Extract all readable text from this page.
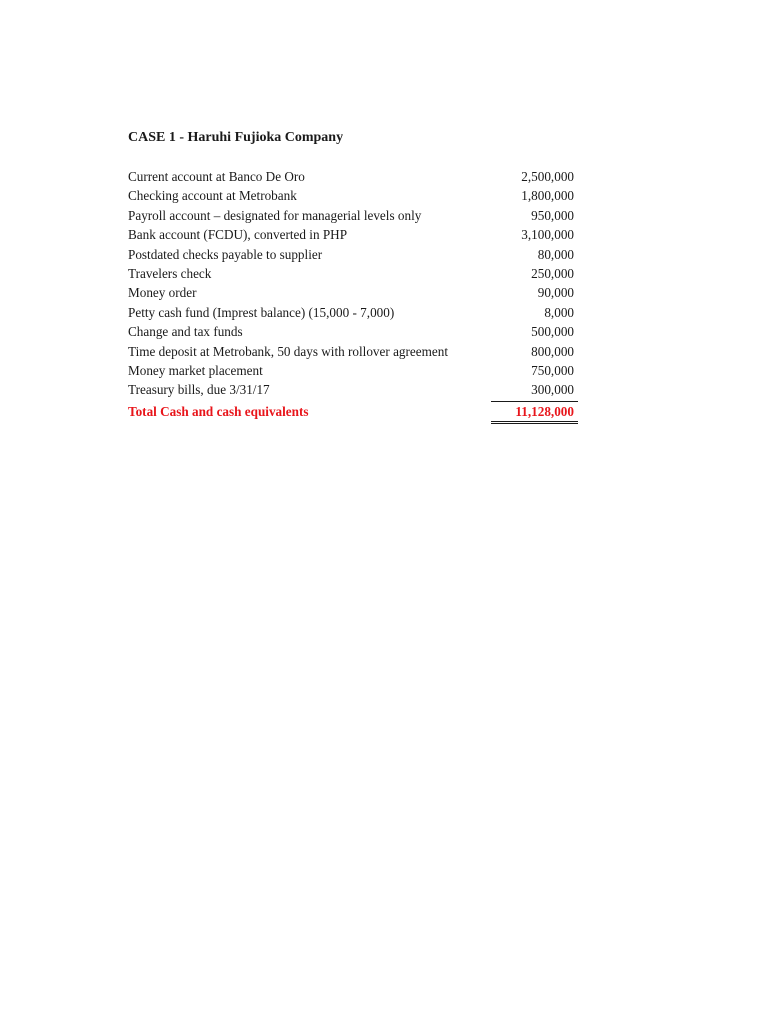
CASE 1 - Haruhi Fujioka Company
Current account at Banco De Oro	2,500,000
Checking account at Metrobank	1,800,000
Payroll account – designated for managerial levels only	950,000
Bank account (FCDU), converted in PHP	3,100,000
Postdated checks payable to supplier	80,000
Travelers check	250,000
Money order	90,000
Petty cash fund (Imprest balance) (15,000 - 7,000)	8,000
Change and tax funds	500,000
Time deposit at Metrobank, 50 days with rollover agreement	800,000
Money market placement	750,000
Treasury bills, due 3/31/17	300,000
Total Cash and cash equivalents	11,128,000
